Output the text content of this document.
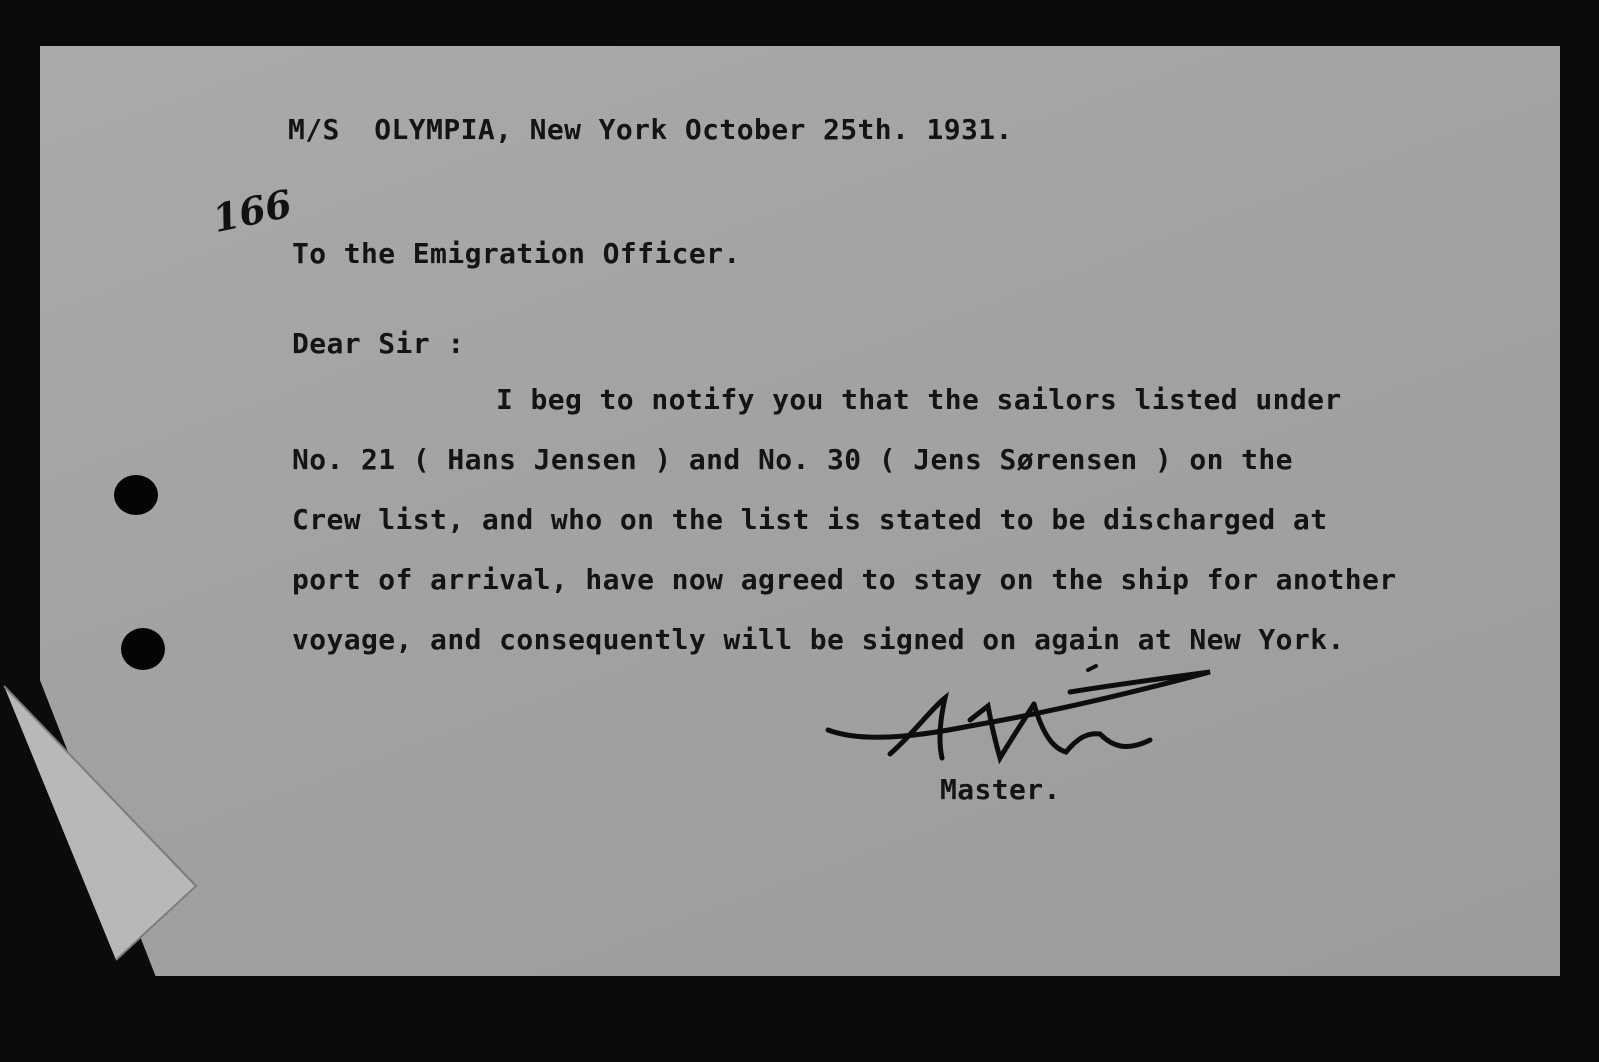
166

M/S  OLYMPIA, New York October 25th. 1931.

To the Emigration Officer.

Dear Sir :

I beg to notify you that the sailors listed under

No. 21 ( Hans Jensen ) and No. 30 ( Jens Sørensen ) on the

Crew list, and who on the list is stated to be discharged at

port of arrival, have now agreed to stay on the ship for another

voyage, and consequently will be signed on again at New York.

Master.
